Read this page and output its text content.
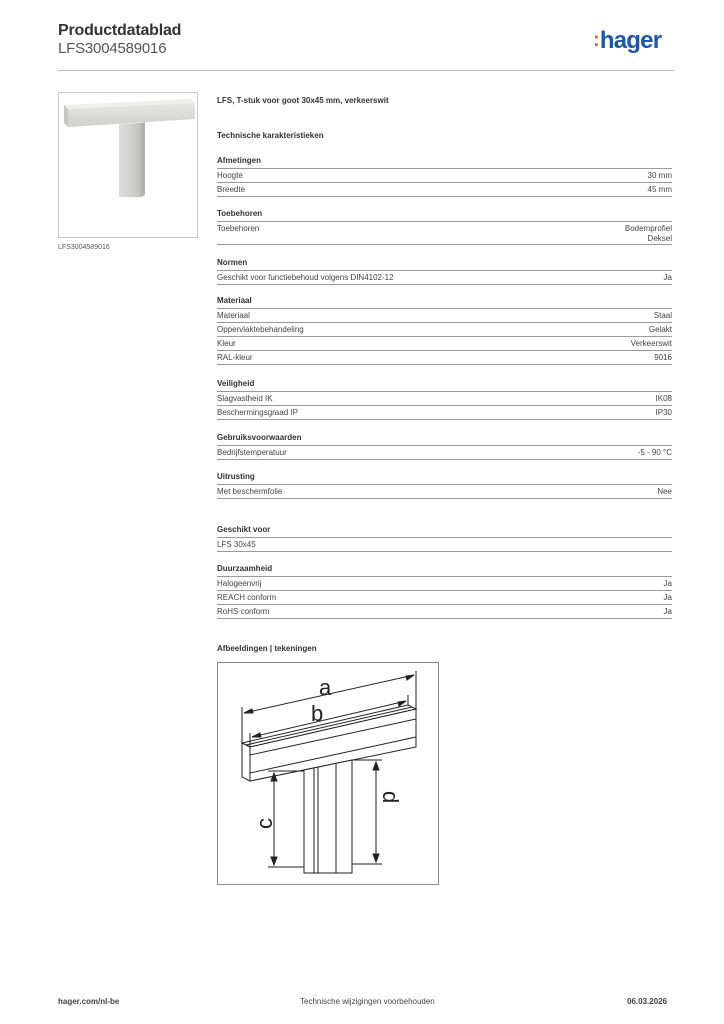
Productdatablad
LFS3004589016	:hager
LFS3004589016
LFS, T-stuk voor goot 30x45 mm, verkeerswit
Technische karakteristieken
Afmetingen
Hoogte	30 mm
Breedte	45 mm
Toebehoren
Toebehoren	Bodemprofiel
Deksel
Normen
Geschikt voor functiebehoud volgens DIN4102-12	Ja
Materiaal
Materiaal	Staal
Oppervlaktebehandeling	Gelakt
Kleur	Verkeerswit
RAL-kleur	9016
Veiligheid
Slagvastheid IK	IK08
Beschermingsgraad IP	IP30
Gebruiksvoorwaarden
Bedrijfstemperatuur	-5 - 90 °C
Uitrusting
Met beschermfolie	Nee
Geschikt voor
LFS 30x45
Duurzaamheid
Halogeenvrij	Ja
REACH conform	Ja
RoHS conform	Ja
Afbeeldingen | tekeningen
a
b
c
d
hager.com/nl-be	Technische wijzigingen voorbehouden	06.03.2026
